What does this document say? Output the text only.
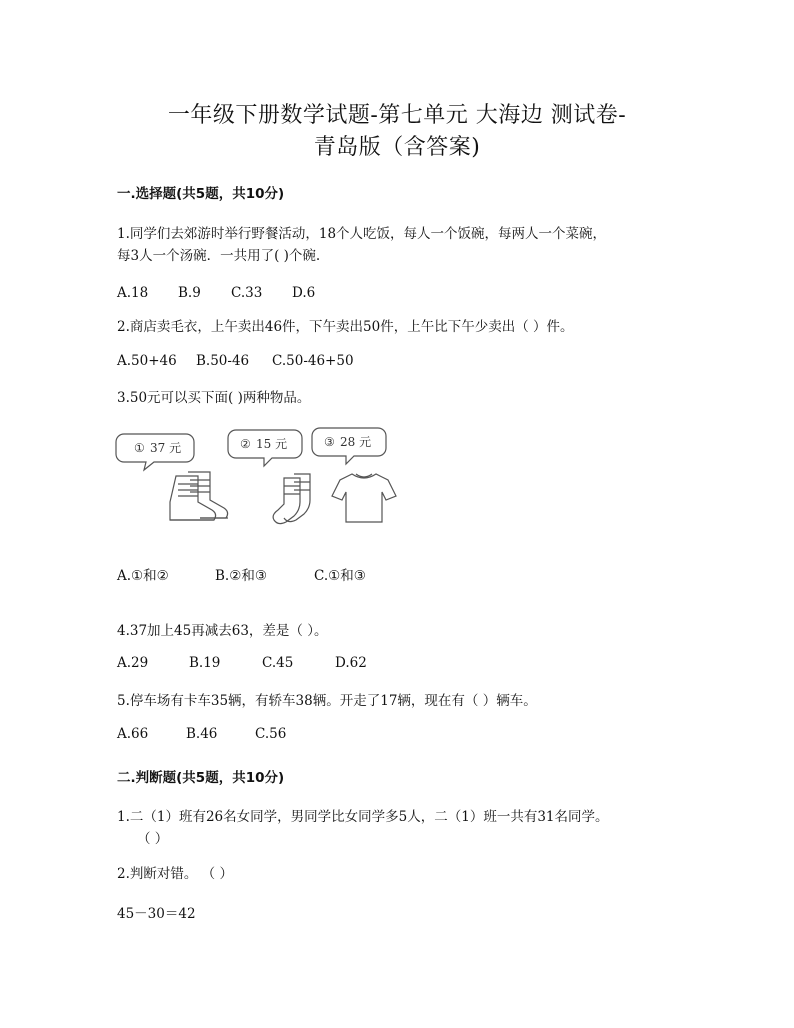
一年级下册数学试题-第七单元 大海边 测试卷-
青岛版（含答案)
一.选择题(共5题，共10分)
1.同学们去郊游时举行野餐活动，18个人吃饭，每人一个饭碗，每两人一个菜碗，
每3人一个汤碗．一共用了( )个碗.
A.18 B.9 C.33 D.6
2.商店卖毛衣，上午卖出46件，下午卖出50件，上午比下午少卖出（ ）件。
A.50+46 B.50-46 C.50-46+50
3.50元可以买下面( )两种物品。
① 37 元	② 15 元	③ 28 元
A.①和②	B.②和③	C.①和③
4.37加上45再减去63，差是（ ）。
A.29	B.19	C.45	D.62
5.停车场有卡车35辆，有轿车38辆。开走了17辆，现在有（ ）辆车。
A.66	B.46	C.56
二.判断题(共5题，共10分)
1.二（1）班有26名女同学，男同学比女同学多5人，二（1）班一共有31名同学。
（ ）
2.判断对错。 （ ）
45－30＝42
